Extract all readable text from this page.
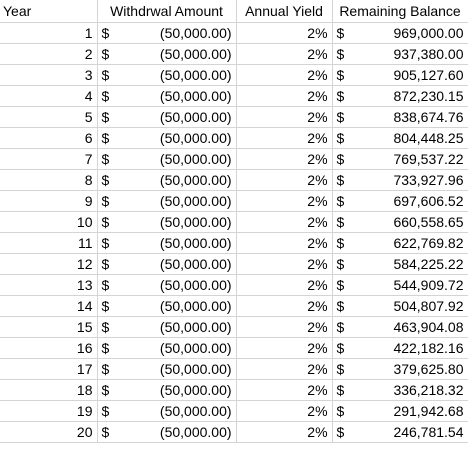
Year	Withdrwal Amount		Annual Yield	Remaining Balance	
1	$	(50,000.00)	2%	$	969,000.00
2	$	(50,000.00)	2%	$	937,380.00
3	$	(50,000.00)	2%	$	905,127.60
4	$	(50,000.00)	2%	$	872,230.15
5	$	(50,000.00)	2%	$	838,674.76
6	$	(50,000.00)	2%	$	804,448.25
7	$	(50,000.00)	2%	$	769,537.22
8	$	(50,000.00)	2%	$	733,927.96
9	$	(50,000.00)	2%	$	697,606.52
10	$	(50,000.00)	2%	$	660,558.65
11	$	(50,000.00)	2%	$	622,769.82
12	$	(50,000.00)	2%	$	584,225.22
13	$	(50,000.00)	2%	$	544,909.72
14	$	(50,000.00)	2%	$	504,807.92
15	$	(50,000.00)	2%	$	463,904.08
16	$	(50,000.00)	2%	$	422,182.16
17	$	(50,000.00)	2%	$	379,625.80
18	$	(50,000.00)	2%	$	336,218.32
19	$	(50,000.00)	2%	$	291,942.68
20	$	(50,000.00)	2%	$	246,781.54
